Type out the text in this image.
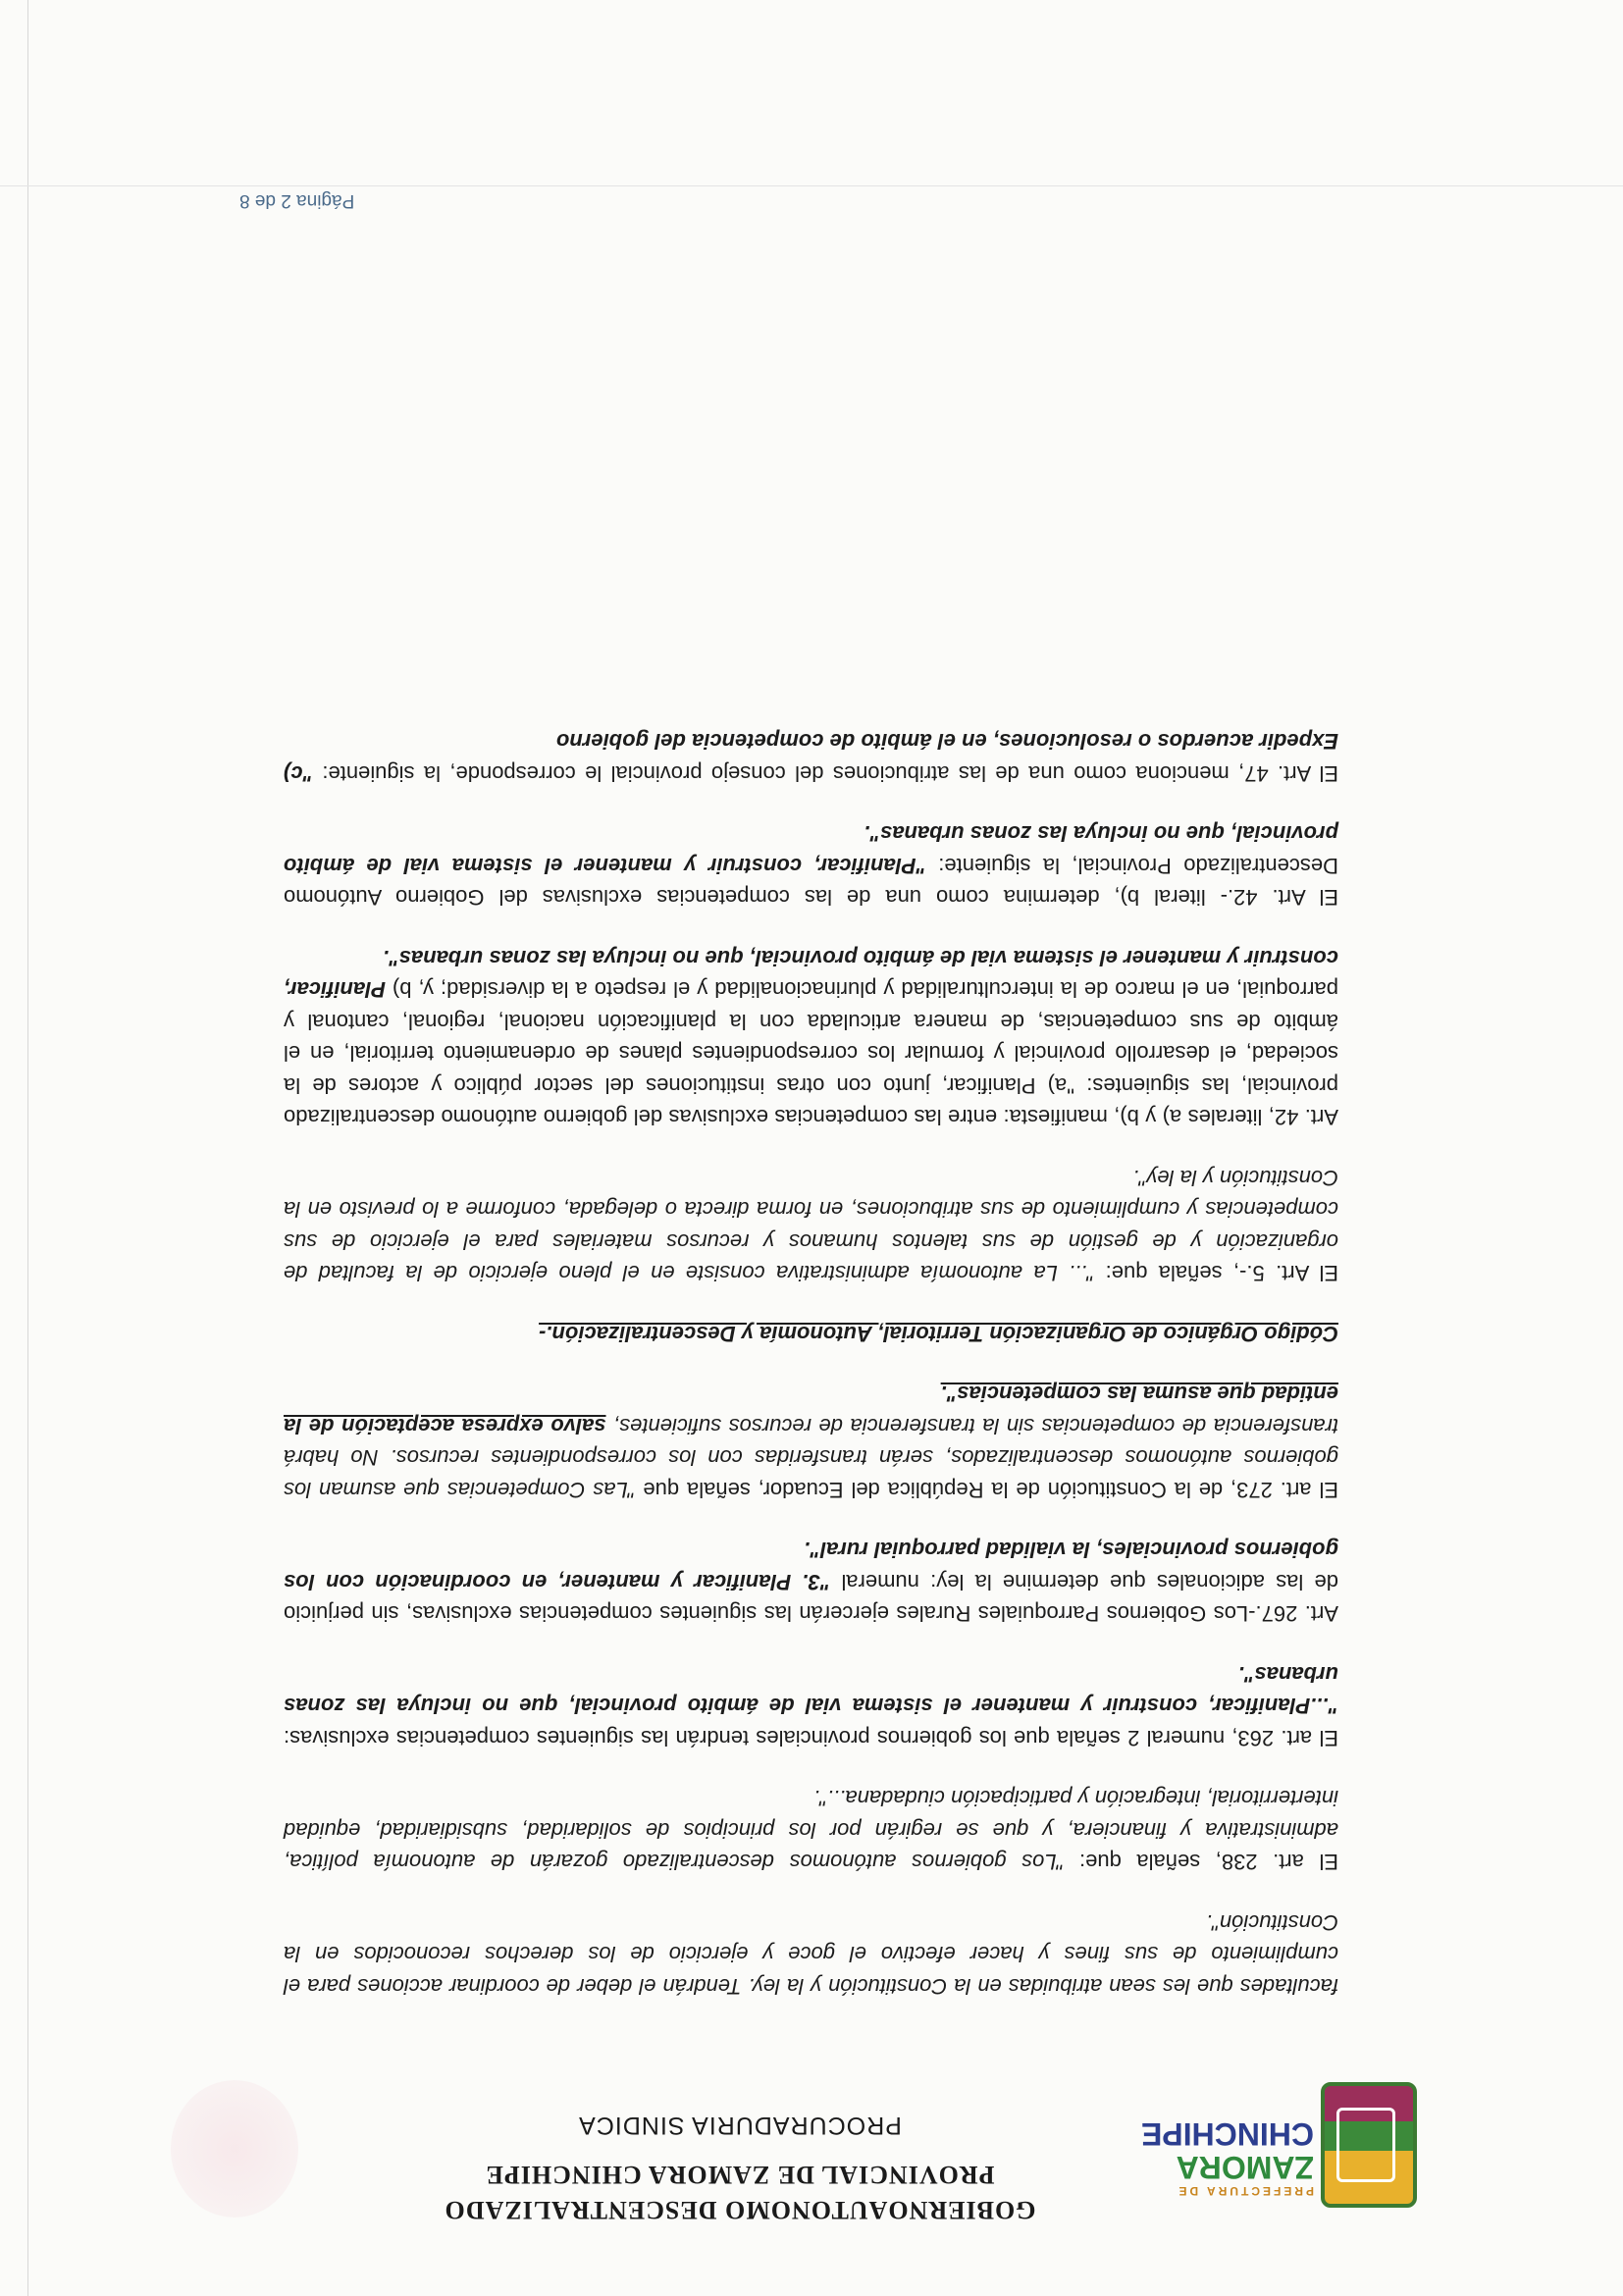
PREFECTURA DE
ZAMORA
CHINCHIPE
GOBIERNOAUTONOMO DESCENTRALIZADO
PROVINCIAL DE ZAMORA CHINCHIPE
PROCURADURIA SINDICA

facultades que les sean atribuidas en la Constitución y la ley. Tendrán el deber de coordinar acciones para el cumplimiento de sus fines y hacer efectivo el goce y ejercicio de los derechos reconocidos en la Constitución".

El art. 238, señala que: "Los gobiernos autónomos descentralizado gozarán de autonomía política, administrativa y financiera, y que se regirán por los principios de solidaridad, subsidiaridad, equidad interterritorial, integración y participación ciudadana...".

El art. 263, numeral 2 señala que los gobiernos provinciales tendrán las siguientes competencias exclusivas: "...Planificar, construir y mantener el sistema vial de ámbito provincial, que no incluya las zonas urbanas".

Art. 267.-Los Gobiernos Parroquiales Rurales ejercerán las siguientes competencias exclusivas, sin perjuicio de las adicionales que determine la ley: numeral "3. Planificar y mantener, en coordinación con los gobiernos provinciales, la vialidad parroquial rural".

El art. 273, de la Constitución de la República del Ecuador, señala que "Las Competencias que asuman los gobiernos autónomos descentralizados, serán transferidas con los correspondientes recursos. No habrá transferencia de competencias sin la transferencia de recursos suficientes, salvo expresa aceptación de la entidad que asuma las competencias".

Código Orgánico de Organización Territorial, Autonomía y Descentralización.-

El Art. 5.-, señala que: "... La autonomía administrativa consiste en el pleno ejercicio de la facultad de organización y de gestión de sus talentos humanos y recursos materiales para el ejercicio de sus competencias y cumplimiento de sus atribuciones, en forma directa o delegada, conforme a lo previsto en la Constitución y la ley".

Art. 42, literales a) y b), manifiesta: entre las competencias exclusivas del gobierno autónomo descentralizado provincial, las siguientes: "a) Planificar, junto con otras instituciones del sector público y actores de la sociedad, el desarrollo provincial y formular los correspondientes planes de ordenamiento territorial, en el ámbito de sus competencias, de manera articulada con la planificación nacional, regional, cantonal y parroquial, en el marco de la interculturalidad y plurinacionalidad y el respeto a la diversidad; y, b) Planificar, construir y mantener el sistema vial de ámbito provincial, que no incluya las zonas urbanas".

El Art. 42.- literal b), determina como una de las competencias exclusivas del Gobierno Autónomo Descentralizado Provincial, la siguiente: "Planificar, construir y mantener el sistema vial de ámbito provincial, que no incluya las zonas urbanas".

El Art. 47, menciona como una de las atribuciones del consejo provincial le corresponde, la siguiente: "c) Expedir acuerdos o resoluciones, en el ámbito de competencia del gobierno

Página 2 de 8
